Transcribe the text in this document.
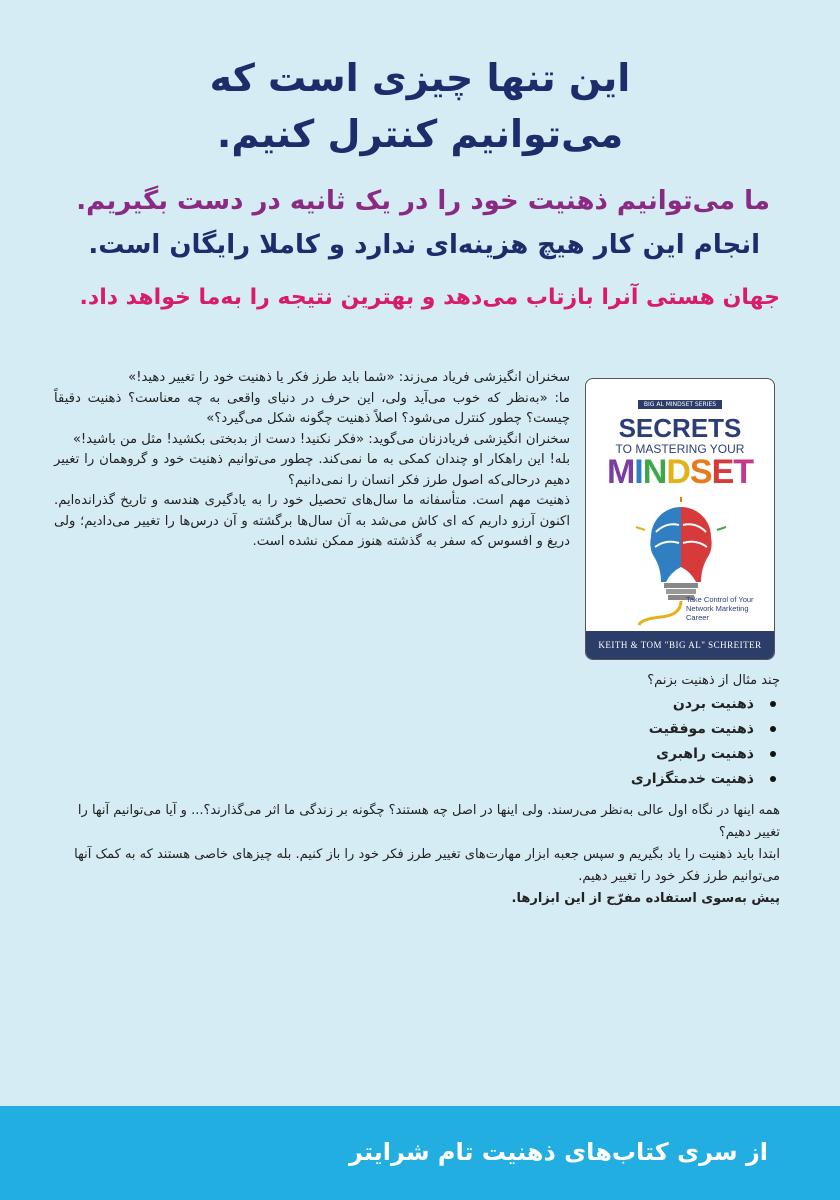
این تنها چیزی است که
می‌توانیم کنترل کنیم.
ما می‌توانیم ذهنیت خود را در یک ثانیه در دست بگیریم.
انجام این کار هیچ هزینه‌ای ندارد و کاملا رایگان است.
جهان هستی آنرا بازتاب می‌دهد و بهترین نتیجه را به‌ما خواهد داد.

سخنران انگیزشی فریاد می‌زند: «شما باید طرز فکر یا ذهنیت خود را تغییر دهید!»

ما: «به‌نظر که خوب می‌آید ولی، این حرف در دنیای واقعی به چه معناست؟ ذهنیت دقیقاً چیست؟ چطور کنترل می‌شود؟ اصلاً ذهنیت چگونه شکل می‌گیرد؟»

سخنران انگیزشی فریادزنان می‌گوید: «فکر نکنید! دست از بدبختی بکشید! مثل من باشید!»

بله! این راهکار او چندان کمکی به ما نمی‌کند. چطور می‌توانیم ذهنیت خود و گروهمان را تغییر دهیم درحالی‌که اصول طرز فکر انسان را نمی‌دانیم؟

ذهنیت مهم است. متأسفانه ما سال‌های تحصیل خود را به یادگیری هندسه و تاریخ گذرانده‌ایم. اکنون آرزو داریم که ای کاش می‌شد به آن سال‌ها برگشته و آن درس‌ها را تغییر می‌دادیم؛ ولی دریغ و افسوس که سفر به گذشته هنوز ممکن نشده است.

BIG AL MINDSET SERIES
SECRETS
TO MASTERING YOUR
MINDSET
Take Control of Your Network Marketing Career
KEITH & TOM "BIG AL" SCHREITER
چند مثال از ذهنیت بزنم؟
ذهنیت بردن
ذهنیت موفقیت
ذهنیت راهبری
ذهنیت خدمتگزاری

همه اینها در نگاه اول عالی به‌نظر می‌رسند. ولی اینها در اصل چه هستند؟ چگونه بر زندگی ما اثر می‌گذارند؟... و آیا می‌توانیم آنها را تغییر دهیم؟

ابتدا باید ذهنیت را یاد بگیریم و سپس جعبه ابزار مهارت‌های تغییر طرز فکر خود را باز کنیم. بله چیزهای خاصی هستند که به کمک آنها می‌توانیم طرز فکر خود را تغییر دهیم.

پیش به‌سوی استفاده مفرّح از این ابزارها.

از سری کتاب‌های ذهنیت تام شرایتر
